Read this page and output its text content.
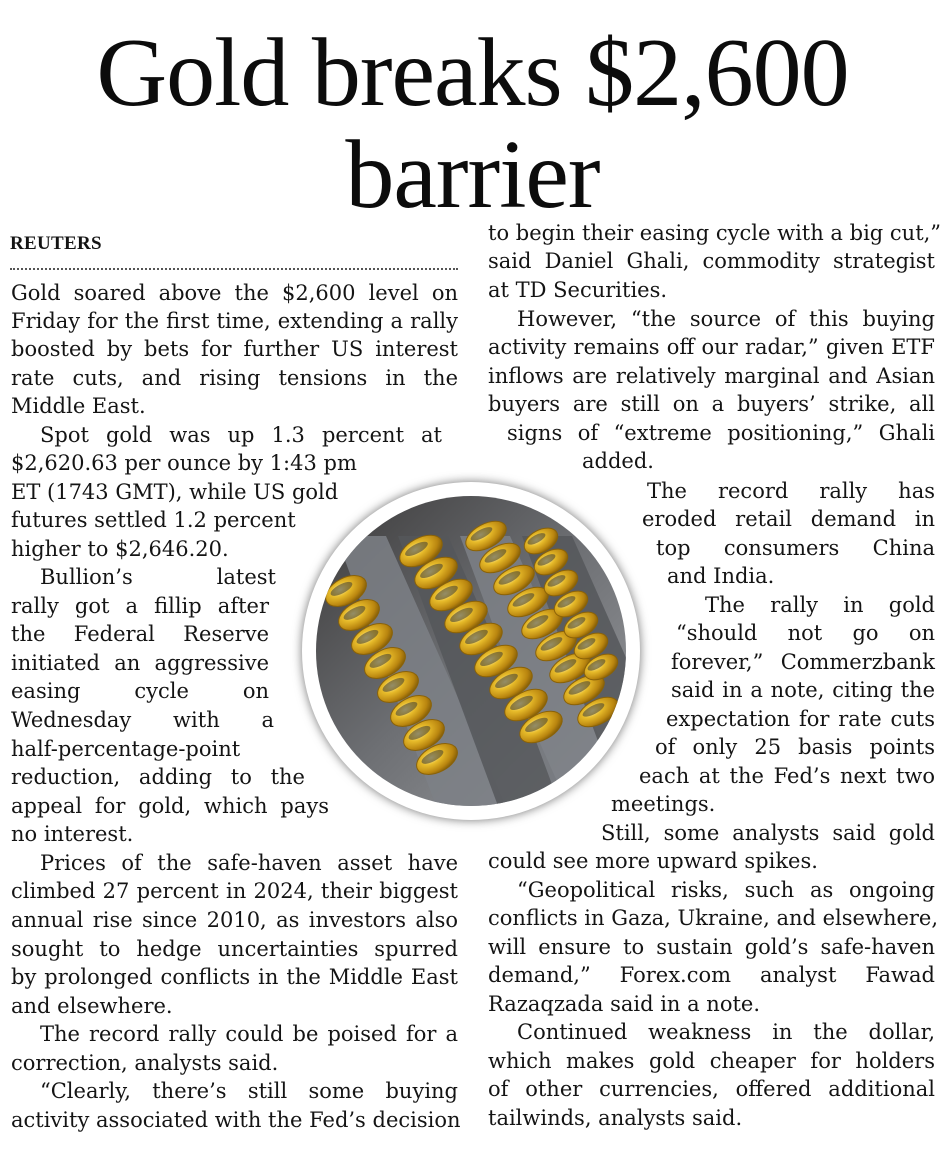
Gold breaks $2,600
barrier
REUTERS
Gold soared above the $2,600 level on
Friday for the first time, extending a rally
boosted by bets for further US interest
rate cuts, and rising tensions in the
Middle East.
Spot gold was up 1.3 percent at
$2,620.63 per ounce by 1:43 pm
ET (1743 GMT), while US gold
futures settled 1.2 percent
higher to $2,646.20.
Bullion’s latest
rally got a fillip after
the Federal Reserve
initiated an aggressive
easing cycle on
Wednesday with a
half-percentage-point
reduction, adding to the
appeal for gold, which pays
no interest.
Prices of the safe-haven asset have
climbed 27 percent in 2024, their biggest
annual rise since 2010, as investors also
sought to hedge uncertainties spurred
by prolonged conflicts in the Middle East
and elsewhere.
The record rally could be poised for a
correction, analysts said.
“Clearly, there’s still some buying
activity associated with the Fed’s decision
to begin their easing cycle with a big cut,”
said Daniel Ghali, commodity strategist
at TD Securities.
However, “the source of this buying
activity remains off our radar,” given ETF
inflows are relatively marginal and Asian
buyers are still on a buyers’ strike, all
signs of “extreme positioning,” Ghali
added.
The record rally has
eroded retail demand in
top consumers China
and India.
The rally in gold
“should not go on
forever,” Commerzbank
said in a note, citing the
expectation for rate cuts
of only 25 basis points
each at the Fed’s next two
meetings.
Still, some analysts said gold
could see more upward spikes.
“Geopolitical risks, such as ongoing
conflicts in Gaza, Ukraine, and elsewhere,
will ensure to sustain gold’s safe-haven
demand,” Forex.com analyst Fawad
Razaqzada said in a note.
Continued weakness in the dollar,
which makes gold cheaper for holders
of other currencies, offered additional
tailwinds, analysts said.
